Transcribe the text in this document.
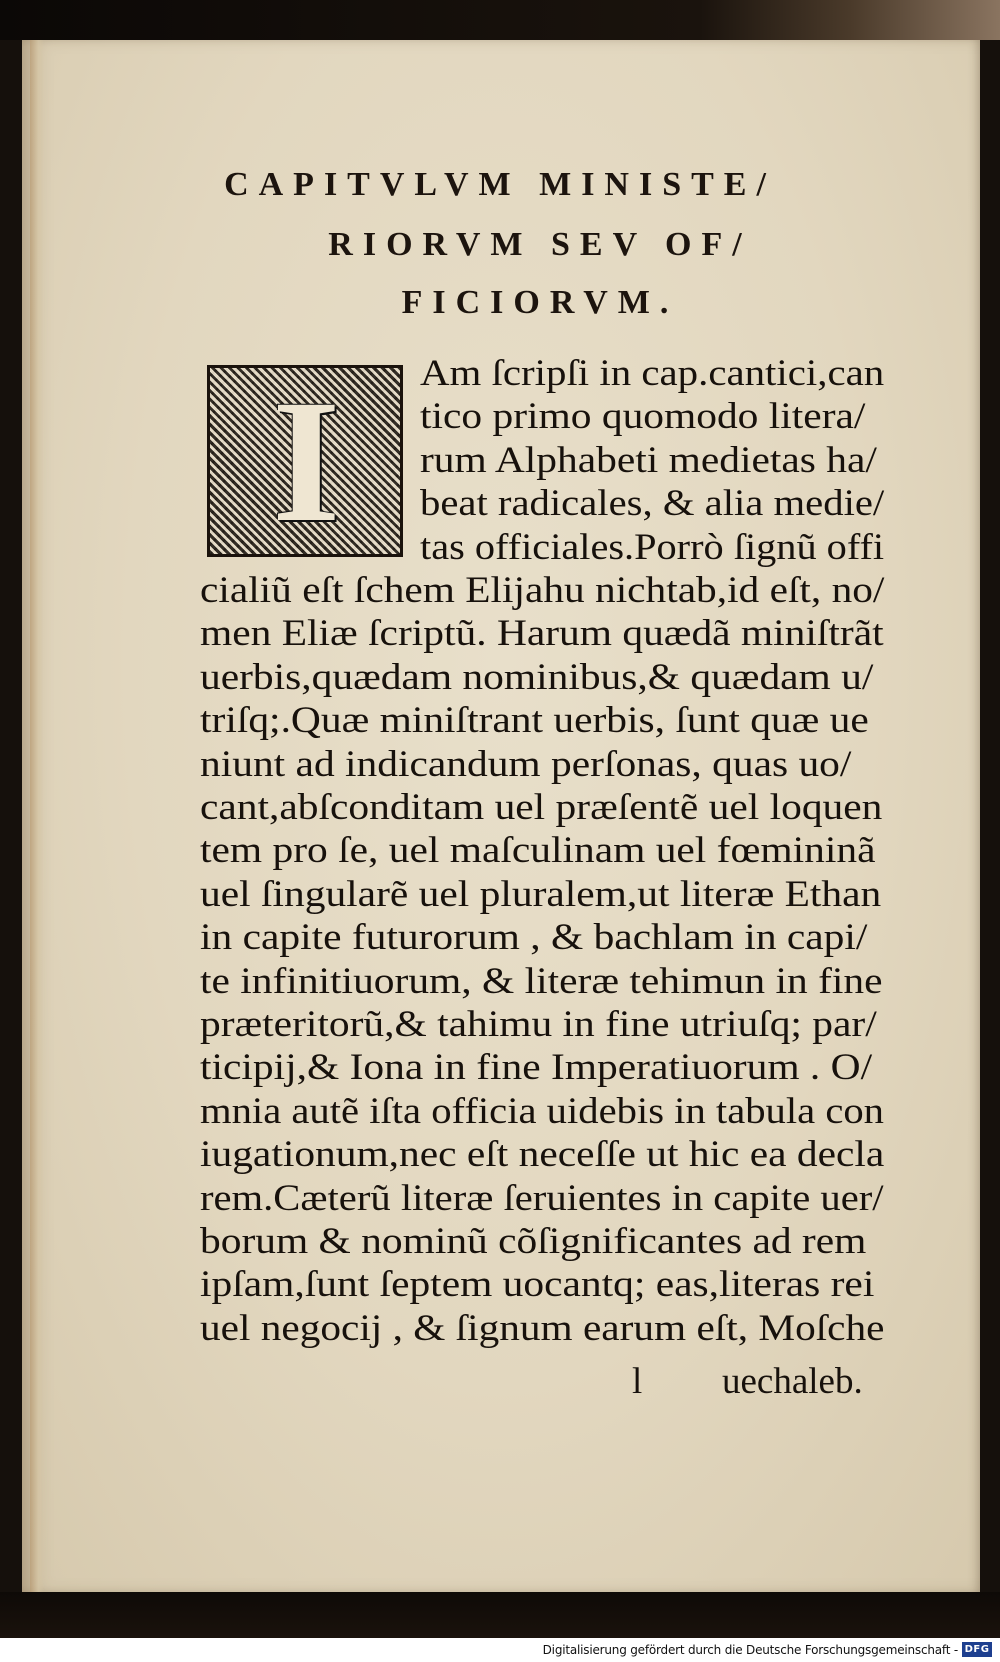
CAPITVLVM MINISTE/
RIORVM SEV OF/
FICIORVM.
I Am ſcripſi in cap.cantici,can
tico primo quomodo litera/
rum Alphabeti medietas ha/
beat radicales, & alia medie/
tas officiales.Porrò ſignũ offi
cialiũ eſt ſchem Elijahu nichtab,id eſt, no/
men Eliæ ſcriptũ. Harum quædã miniſtrãt
uerbis,quædam nominibus,& quædam u/
triſq;.Quæ miniſtrant uerbis, ſunt quæ ue
niunt ad indicandum perſonas, quas uo/
cant,abſconditam uel præſentẽ uel loquen
tem pro ſe, uel maſculinam uel fœmininã
uel ſingularẽ uel pluralem,ut literæ Ethan
in capite futurorum , & bachlam in capi/
te infinitiuorum, & literæ tehimun in fine
præteritorũ,& tahimu in fine utriuſq; par/
ticipij,& Iona in fine Imperatiuorum . O/
mnia autẽ iſta officia uidebis in tabula con
iugationum,nec eſt neceſſe ut hic ea decla
rem.Cæterũ literæ ſeruientes in capite uer/
borum & nominũ cõſignificantes ad rem
ipſam,ſunt ſeptem uocantq; eas,literas rei
uel negocij , & ſignum earum eſt, Moſche
l uechaleb.
Digitalisierung gefördert durch die Deutsche Forschungsgemeinschaft - DFG
